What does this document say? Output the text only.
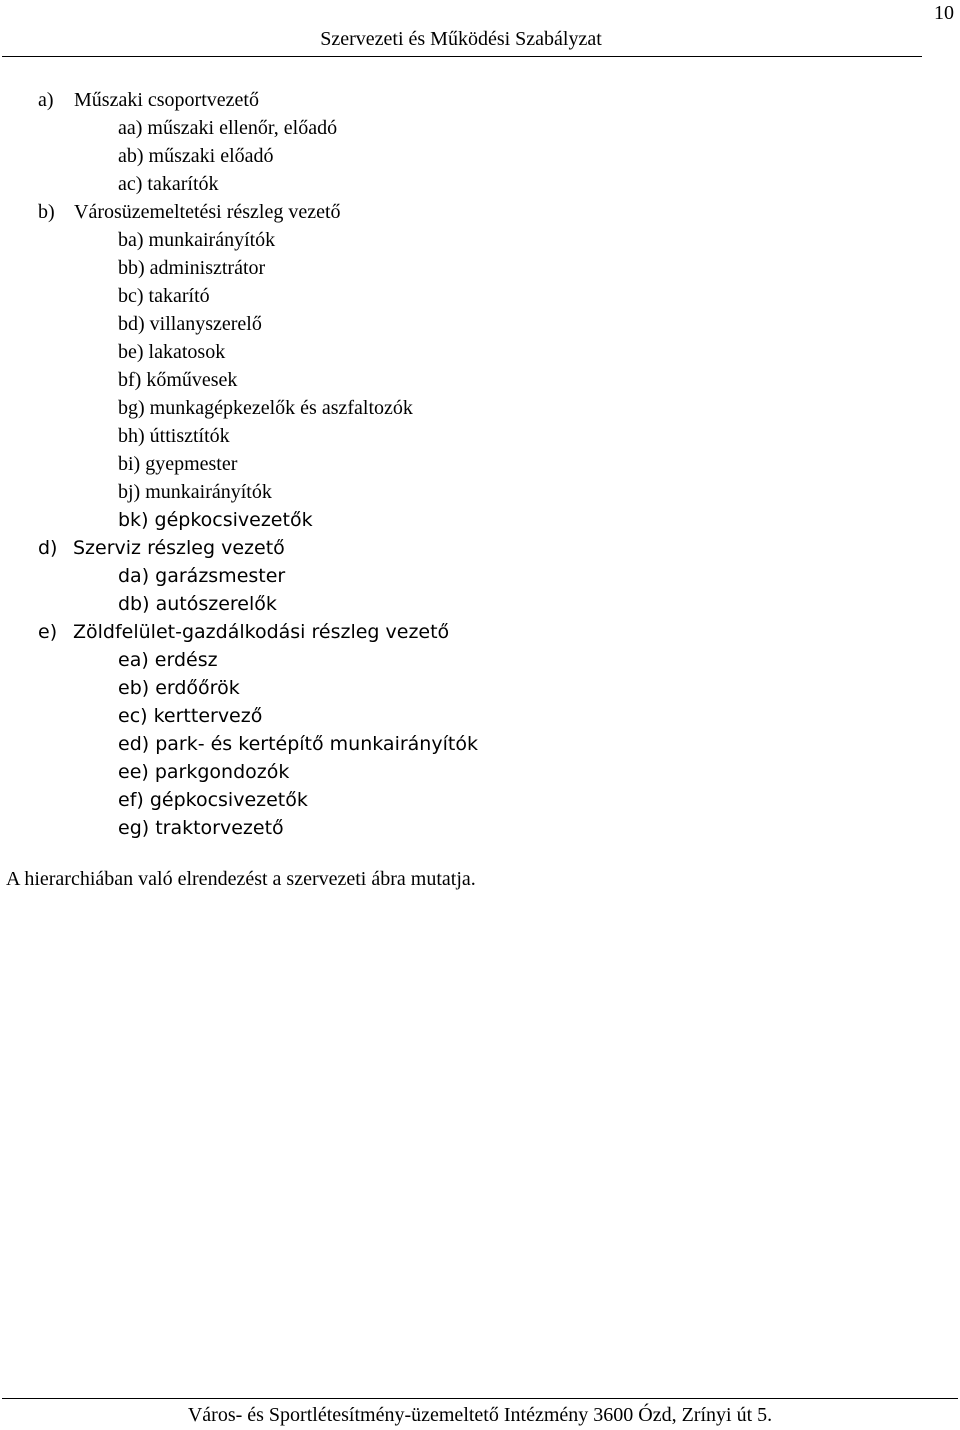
10
Szervezeti és Működési Szabályzat
a) Műszaki csoportvezető
aa) műszaki ellenőr, előadó
ab) műszaki előadó
ac) takarítók
b) Városüzemeltetési részleg vezető
ba) munkairányítók
bb) adminisztrátor
bc) takarító
bd) villanyszerelő
be) lakatosok
bf) kőművesek
bg) munkagépkezelők és aszfaltozók
bh) úttisztítók
bi) gyepmester
bj) munkairányítók
bk) gépkocsivezetők
d) Szerviz részleg vezető
da) garázsmester
db) autószerelők
e) Zöldfelület-gazdálkodási részleg vezető
ea) erdész
eb) erdőőrök
ec) kerttervező
ed) park- és kertépítő munkairányítók
ee) parkgondozók
ef) gépkocsivezetők
eg) traktorvezető
A hierarchiában való elrendezést a szervezeti ábra mutatja.
Város- és Sportlétesítmény-üzemeltető Intézmény 3600 Ózd, Zrínyi út 5.
